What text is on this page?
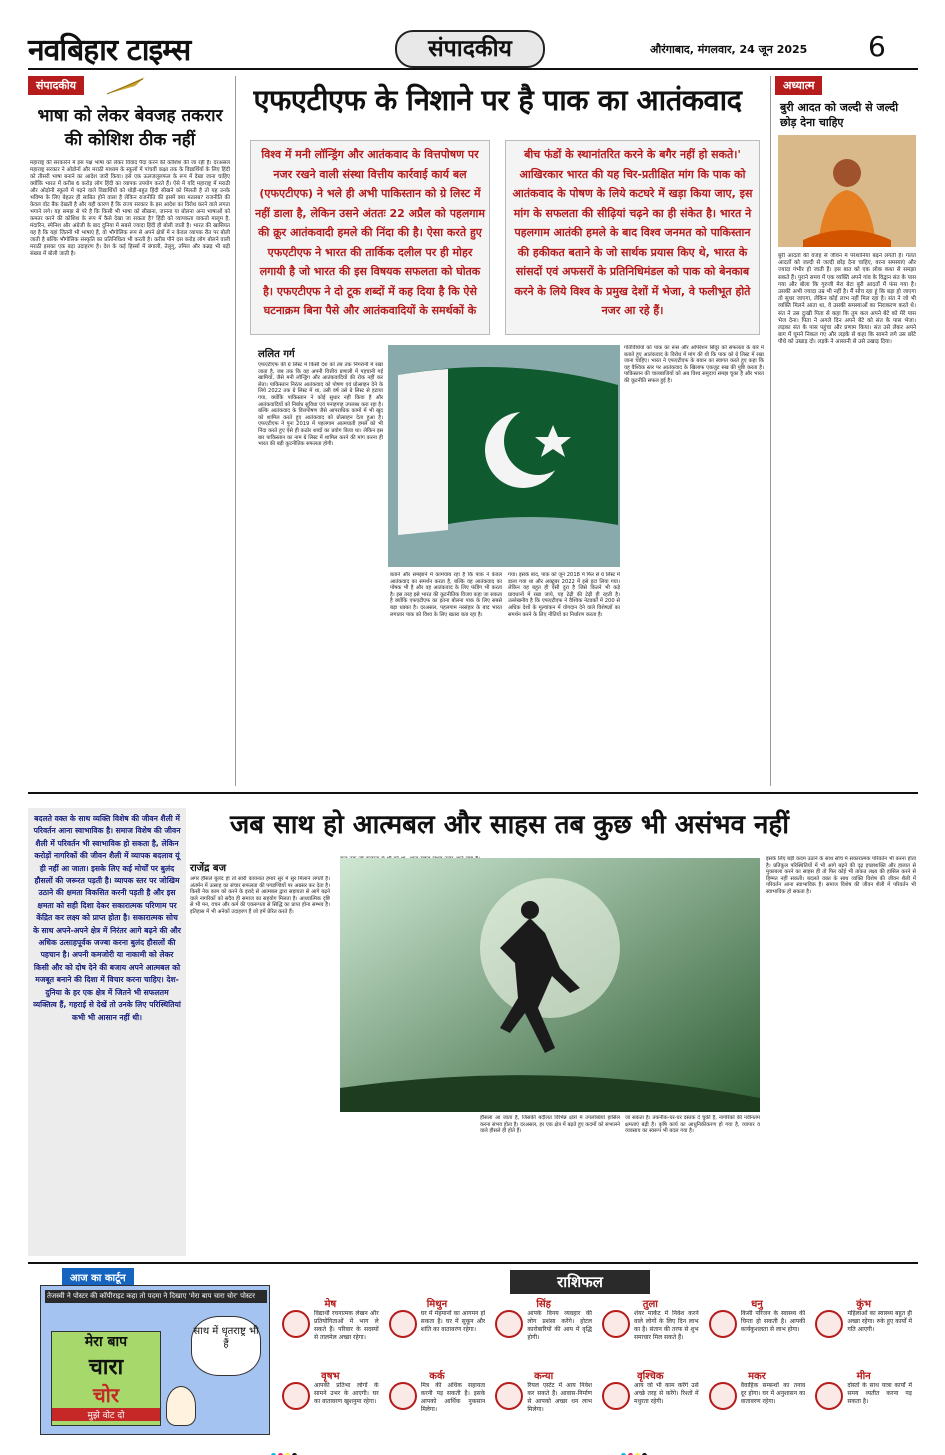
नवबिहार टाइम्स	संपादकीय	औरंगाबाद, मंगलवार, 24 जून 2025 6
संपादकीय
भाषा को लेकर बेवजह तकरार की कोशिश ठीक नहीं
महाराष्ट्र की सरकारेंने में इस पक्ष भाषा को लेकर विवाद पैदा करने की कोशिश की जा रही है। दरअसल महाराष्ट्र सरकार ने ओडोनों और मराठी माध्यम के स्कूलों में पांचवीं कक्षा तक के विद्यार्थियों के लिए हिंदी को तीसरी भाषा बनाने का आदेश जारी किया। इसे एक ऊलजलूलफल के रूप में देखा जाना चाहिए क्योंकि भारत में करीब 6 करोड़ लोग हिंदी का व्यापक उपयोग करते हैं। ऐसे में यदि महाराष्ट्र में मराठी और ओड़ोनी स्कूलों में पढ़ने वाले विद्यार्थियों को थोड़ी-बहुत हिंदी सीखने को मिलती है तो यह उनके भविष्य के लिए बेहतर ही साबित होने वाला है लेकिन राजनीति की इसमें क्या मतलब? राजनीति की केवल वोट बैंक देखती है और यही कारण है कि राज्य सरकार के इस आदेश का विरोध करने वाले लगता भगाने लगे। यह समझ से परे है कि किसी भी भाषा को सीखना, जानना या बोलना अन्य भाषाओं को कमतर करने की कोशिश के रूप में कैसे देखा जा सकता है? हिंदी को व्यापकता वाकतो मालूम है, मंदारिन, स्पेनिश और अंग्रेजी के बाद दुनिया में सबसे ज्यादा हिंदी ही बोली जाती है। भारत की खासियत यह है कि यहां जितनी भी भाषाएं हैं, वो भौगोलिक रूप से अपने क्षेत्रों में न केवल व्यापक रीत पर बोली जाती है बल्कि भौगोलिक संस्कृति का प्रतिनिधित्व भी करती है। करीब पौने दस करोड़ लोग बोलने वाली मराठी इसका एक बड़ा उदाहरण है। देश के कई हिस्सों में बंगाली, तेलुगु, तमिल और कन्नड़ भी बड़ी संख्या में बोली जाती है।
एफएटीएफ के निशाने पर है पाक का आतंकवाद
विश्व में मनी लॉन्ड्रिंग और आतंकवाद के वित्तपोषण पर नजर रखने वाली संस्था वित्तीय कार्रवाई कार्य बल (एफएटीएफ) ने भले ही अभी पाकिस्तान को ग्रे लिस्ट में नहीं डाला है, लेकिन उसने अंततः 22 अप्रैल को पहलगाम की क्रूर आतंकवादी हमले की निंदा की है। ऐसा करते हुए एफएटीएफ ने भारत की तार्किक दलील पर ही मोहर लगायी है जो भारत की इस विषयक सफलता को घोतक है। एफएटीएफ ने दो टूक शब्दों में कह दिया है कि ऐसे घटनाक्रम बिना पैसे और आतंकवादियों के समर्थकों के
बीच फंडों के स्थानांतरित करने के बगैर नहीं हो सकते।' आखिरकार भारत की यह चिर-प्रतीक्षित मांग कि पाक को आतंकवाद के पोषण के लिये कटघरे में खड़ा किया जाए, इस मांग के सफलता की सीढ़ियां चढ़ने का ही संकेत है। भारत ने पहलगाम आतंकी हमले के बाद विश्व जनमत को पाकिस्तान की हकीकत बताने के जो सार्थक प्रयास किए थे, भारत के सांसदों एवं अफसरों के प्रतिनिधिमंडल को पाक को बेनकाब करने के लिये विश्व के प्रमुख देशों में भेजा, वे फलीभूत होते नजर आ रहे हैं।
ललित गर्ग
एफएटीएफ की ग्रे लिस्ट में किसी देश को तब तक निगरानी में रखा जाता है, जब तक कि वह अपनी वित्तीय प्रणाली में पहचानी गई खामियों, जैसे मनी लॉन्ड्रिंग और आतंकवादियों की रोक नहीं कर लेता। पाकिस्तान निरंतर आतंकवाद को पोषण एवं प्रोत्साहन देने के लिये 2022 तक ग्रे लिस्ट में था, उसी वर्ष उसे ग्रे लिस्ट से हटाया गया, क्योंकि पाकिस्तान ने कोई सुधार नहीं किया है और आतंकवादियों को निर्बाध सुविधा एवं पनाहगाह उपलब्ध करा रहा है। बल्कि आतंकवाद के वित्तपोषण जैसे आपराधिक कामों में भी खुद को शामिल करते हुए आतंकवाद को प्रोत्साहन देता हुआ है। एफएटीएफ ने पुनः 2019 में पहलगाम आत्मघाती हमले को भी निंदा करते हुए ऐसे ही कठोर शब्दों का प्रयोग किया था। लेकिन इस बार पाकिस्तान का नाम ग्रे लिस्ट में शामिल करने की मांग करना ही भारत की बड़ी कूटनीतिक सफलता होगी।
बताने और समझाने में कामयाब रहा है कि पाक ने केवल आतंकवाद का समर्थन करता है, बल्कि वह आतंकवाद का पोषक भी है और वह आतंकवाद के लिए फंडिंग भी करता है। इस तरह इसे भारत की कूटनीतिक विजय कहा जा सकता है क्योंकि एफएटीएफ का इतना बोलना पाक के लिए सबसे बड़ा धक्का है। दरअसल, पहलगाम नरसंहार के बाद भारत लगातार पाक को विश्व के लिए खतरा बता रहा है।
गया। इसके बाद, पाक को जून 2018 में फिर से ग्रे लिस्ट में डाला गया था और अक्टूबर 2022 में इसे हटा लिया गया। लेकिन यह बहुत ही ऐसी दुरा है जिसे कितने भी कड़े प्रावधानों में रखा जाये, यह टेढ़ी की टेढ़ी ही रहती है। उल्लेखनीय है कि एफएटीएफ ने वैश्विक नेटवर्कों में 200 से अधिक देशों के मूल्यांकन में योगदान देने वाले विशेषज्ञों का समर्थन करने के लिए नीतियों का निर्धारण करता है।
गतिविधियों को पाक का रूस और ओपेरेशन सिंदूर को सफलता के बारे में बताते हुए आतंकवाद के विरोध में मांग की थी कि पाक को ग्रे लिस्ट में रखा जाना चाहिए। भारत ने एफएटीएफ के बयान का स्वागत करते हुए कहा कि यह वैश्विक स्तर पर आतंकवाद के खिलाफ एकजुट रुख की पुष्टि करता है। पाकिस्तान की चालबाजियों को अब विश्व समुदाय समझ चुका है और भारत की कूटनीति सफल हुई है।
अध्यात्म
बुरी आदत को जल्दी से जल्दी छोड़ देना चाहिए
बुरी आदतों की वजह से जीवन में परेशानियां बढ़ने लगती है। गलत आदतों को जल्दी से जल्दी छोड़ देना चाहिए, वरना समस्याएं और ज्यादा गंभीर हो जाती है। इस बात को एक लोक कथा से समझा सकते हैं। पुराने समय में एक व्यक्ति अपने गांव के विद्वान संत के पास गया और बोला कि गुरुजी मेरा बेटा बुरी आदतों में फंस गया है। उसकी अभी ज्यादा उम्र भी नहीं है। मैं सोच रहा हूं कि बड़ा हो जाएगा तो सुधर जाएगा, लेकिन कोई लाभ नहीं मिल रहा है। संत ने जो भी व्यक्ति मिलने आता था, वे उसकी समस्याओं का निराकरण करते थे। संत ने उस दुःखी पिता से कहा कि तुम कल अपने बेटे को मेरे पास भेज देना। पिता ने अगले दिन अपने बेटे को संत के पास भेजा। लड़का संत के पास पहुंचा और प्रणाम किया। संत उसे लेकर अपने बाग में घूमने निकल गए और लड़के से कहा कि सामने लगे उस छोटे पौधे को उखाड़ दो। लड़के ने आसानी से उसे उखाड़ दिया।
जब साथ हो आत्मबल और साहस तब कुछ भी असंभव नहीं
बदलते वक्त के साथ व्यक्ति विशेष की जीवन शैली में परिवर्तन आना स्वाभाविक है। समाज विशेष की जीवन शैली में परिवर्तन भी स्वाभाविक हो सकता है, लेकिन करोड़ों नागरिकों की जीवन शैली में व्यापक बदलाव यूं ही नहीं आ जाता। इसके लिए कई मोर्चों पर बुलंद हौसलों की जरूरत पड़ती है। व्यापक स्तर पर जोखिम उठाने की क्षमता विकसित करनी पड़ती है और इस क्षमता को सही दिशा देकर सकारात्मक परिणाम पर केंद्रित कर लक्ष्य को प्राप्त होता है। सकारात्मक सोच के साथ अपने-अपने क्षेत्र में निरंतर आगे बढ़ने की और अधिक उत्साहपूर्वक जज्बा करना बुलंद हौसलों की पहचान है। अपनी कमजोरी या नाकामी को लेकर किसी और को दोष देने की बजाय अपने आत्मबल को मजबूत बनाने की दिशा में विचार करना चाहिए। देश-दुनिया के हर एक क्षेत्र में जितने भी सफलतम व्यक्तित्व हैं, गहराई से देखें तो उनके लिए परिस्थितियां कभी भी आसान नहीं थी।
राजेंद्र बज
अगर हौसले बुलंद हों तो सारी कायनात हमारे सुर में सुर मिलाने लगती है। अंतर्मन में उत्साह का संचार सफलता की पगडण्डियों पर अग्रसर कर देता है। किसी नेक काम को करने के इरादे से आत्मबल द्वारा सहायता से आगे बढ़ने वाले नागरिकों को सदैव ही समाज का सहयोग मिलता है। आध्यात्मिक दृष्टि से भी मन, वचन और कर्म की एकरूपता से सिद्धि का प्राप्त होना सम्भव है। इतिहास में भी अनेकों उदाहरण हैं जो हमें प्रेरित करते हैं।
हौसला आ जाता है, जिसकी बदौलत विभिन्न क्षेत्रों में उपलब्धियां हासिल करना संभव होता है। दरअसल, हर एक क्षेत्र में बढ़ते हुए कदमों को संभालने वाले हौसले ही होते हैं।
जा सकता है। तकनीक-घर-घर दस्तक दे चुकी है, नागरिकों की नवीनतम क्षमताएं बढ़ी है। कृषि कार्य का आधुनिकीकरण हो गया है, व्यापार व व्यवसाय का स्वरूप भी बदल गया है।
इसके लिए बड़ी कदम उठाने के साथ सोच में सकारात्मक परिवर्तन भी करना होता है। प्रतिकूल परिस्थितियों में भी आगे बढ़ने की दृढ़ इच्छाशक्ति और हालात से मुकाबला करने का साहस ही तो फिर कोई भी ताकत लक्ष्य की हासिल करने से हिम्मत नहीं सकती। बदलते वक्त के साथ व्यक्ति विशेष की जीवन शैली में परिवर्तन आना स्वाभाविक है। समाज विशेष की जीवन शैली में परिवर्तन भी स्वाभाविक हो सकता है।
आज का कार्टून
तेजस्वी ने पोस्टर की कॉपीराइट कहा तो पदमा ने दिखाए 'मेरा बाप चारा चोर' पोस्टर
साथ में धृतराष्ट्र भी हैं
मेरा बाप
चारा
चोर
मुझे वोट दो
राशिफल
मेष
विद्यार्थी रचनात्मक लेखन और प्रतियोगिताओं में भाग ले सकते हैं। परिवार के सदस्यों से तालमेल अच्छा रहेगा।
मिथुन
घर में मेहमानों का आगमन हो सकता है। घर में सुकून और शांति का वातावरण रहेगा।
सिंह
आपके विनय व्यवहार की लोग प्रशंसा करेंगे। होटल कारोबारियों की आय में वृद्धि होगी।
तुला
शेयर मार्केट में निवेश करने वाले लोगों के लिए दिन लाभ का है। संतान की तरफ से शुभ समाचार मिल सकते हैं।
धनु
किसी परिजन के स्वास्थ्य की चिन्ता हो सकती है। आपकी कार्यकुशलता से लाभ होगा।
कुंभ
महिलाओं का स्वास्थ्य बहुत ही अच्छा रहेगा। रुके हुए कार्यों में गति आएगी।
वृषभ
आपकी प्रतिभा लोगों के सामने उभर के आएगी। घर का वातावरण खुशनुमा रहेगा।
कर्क
मित्र की अधिक सहायता करनी पड़ सकती है। इसके आपको आर्थिक नुकसान मिलेगा।
कन्या
रियल एस्टेट में आय निवेश कर सकते हैं। आवास-निर्माण से आपको अच्छा धन लाभ मिलेगा।
वृश्चिक
आय जो भी काम करेंगे उसे अच्छे तरह से करेंगे। रिश्तों में मधुरता रहेगी।
मकर
वैवाहिक सम्बन्धों का तनाव दूर होगा। घर में अनुशासन का वातावरण रहेगा।
मीन
दोस्तों के साथ यात्रा कार्यों में समय व्यतीत करना पड़ सकता है।
